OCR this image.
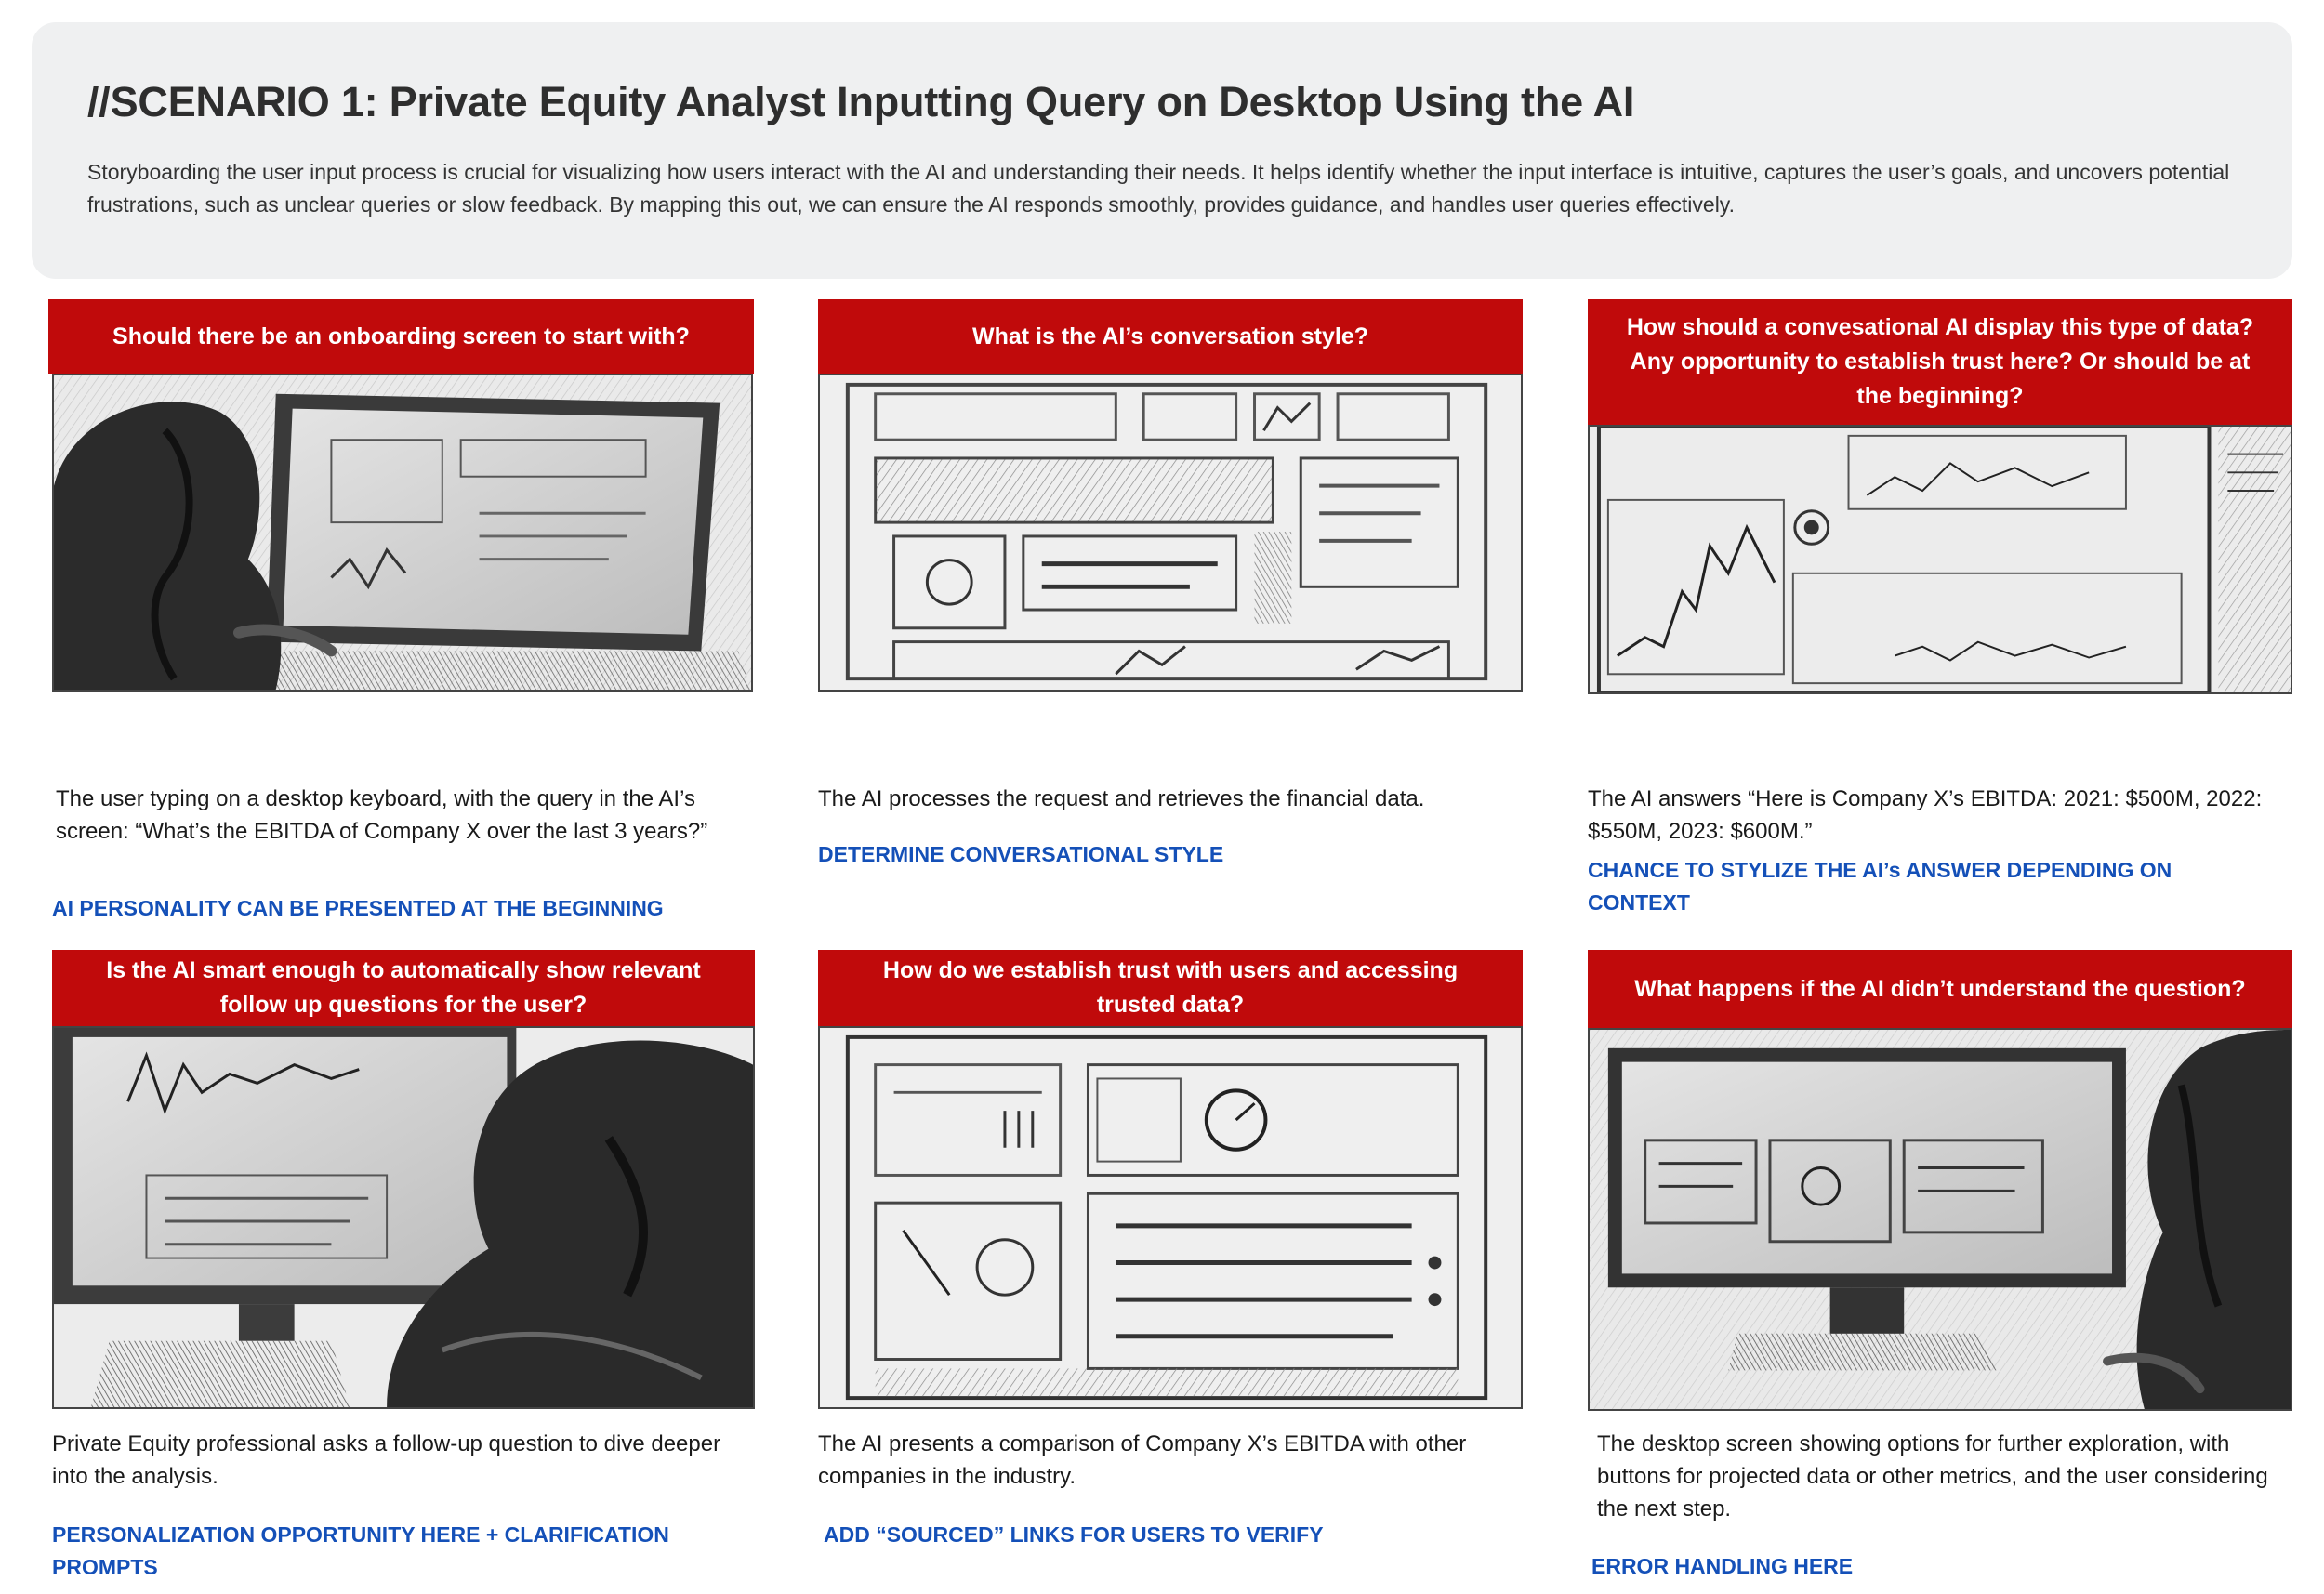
//SCENARIO 1: Private Equity Analyst Inputting Query on Desktop Using the AI

Storyboarding the user input process is crucial for visualizing how users interact with the AI and understanding their needs. It helps identify whether the input interface is intuitive, captures the user’s goals, and uncovers potential frustrations, such as unclear queries or slow feedback. By mapping this out, we can ensure the AI responds smoothly, provides guidance, and handles user queries effectively.

Should there be an onboarding screen to start with?
The user typing on a desktop keyboard, with the query in the AI’s screen: “What’s the EBITDA of Company X over the last 3 years?”
AI PERSONALITY CAN BE PRESENTED AT THE BEGINNING
What is the AI’s conversation style?
The AI processes the request and retrieves the financial data.
DETERMINE CONVERSATIONAL STYLE
How should a convesational AI display this type of data? Any opportunity to establish trust here? Or should be at the beginning?
The AI answers “Here is Company X’s EBITDA: 2021: $500M, 2022: $550M, 2023: $600M.”
CHANCE TO STYLIZE THE AI’s ANSWER DEPENDING ON CONTEXT
Is the AI smart enough to automatically show relevant follow up questions for the user?
Private Equity professional asks a follow-up question to dive deeper into the analysis.
PERSONALIZATION OPPORTUNITY HERE + CLARIFICATION PROMPTS
How do we establish trust with users and accessing trusted data?
The AI presents a comparison of Company X’s EBITDA with other companies in the industry.
ADD “SOURCED” LINKS FOR USERS TO VERIFY
What happens if the AI didn’t understand the question?
The desktop screen showing options for further exploration, with buttons for projected data or other metrics, and the user considering the next step.
ERROR HANDLING HERE
